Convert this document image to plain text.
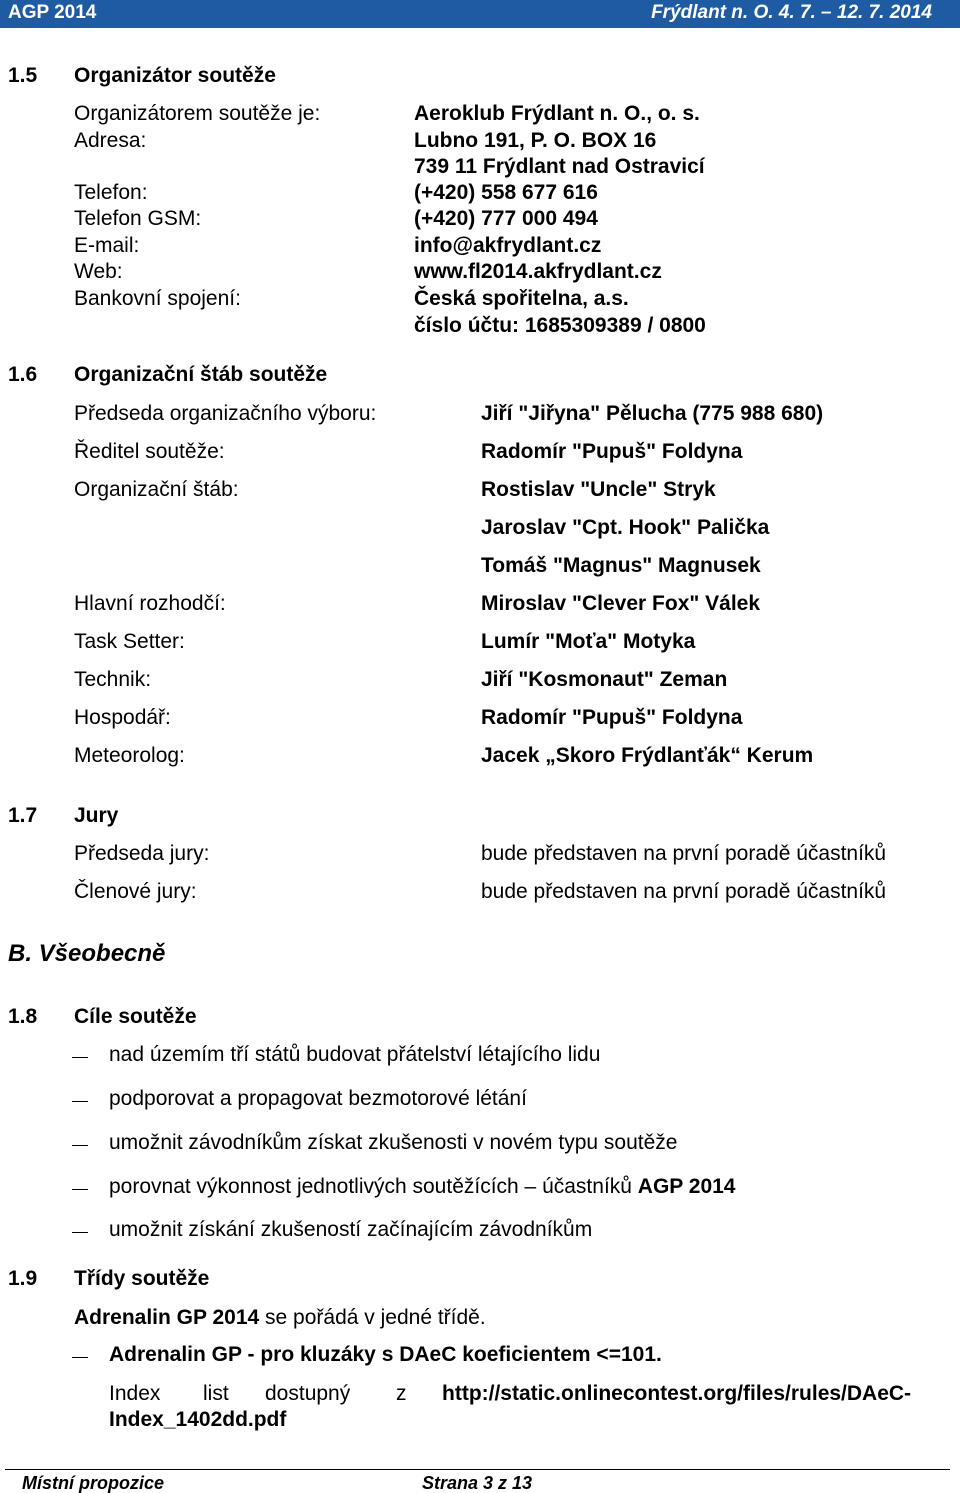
AGP 2014	Frýdlant n. O. 4. 7. – 12. 7. 2014
1.5 Organizátor soutěže
Organizátorem soutěže je:	Aeroklub Frýdlant n. O., o. s.
Adresa:	Lubno 191, P. O. BOX 16
739 11 Frýdlant nad Ostravicí
Telefon:	(+420) 558 677 616
Telefon GSM:	(+420) 777 000 494
E-mail:	info@akfrydlant.cz
Web:	www.fl2014.akfrydlant.cz
Bankovní spojení:	Česká spořitelna, a.s.
číslo účtu: 1685309389 / 0800
1.6 Organizační štáb soutěže
Předseda organizačního výboru:	Jiří "Jiřyna" Pělucha (775 988 680)
Ředitel soutěže:	Radomír "Pupuš" Foldyna
Organizační štáb:	Rostislav "Uncle" Stryk
Jaroslav "Cpt. Hook" Palička
Tomáš "Magnus" Magnusek
Hlavní rozhodčí:	Miroslav "Clever Fox" Válek
Task Setter:	Lumír "Moťa" Motyka
Technik:	Jiří "Kosmonaut" Zeman
Hospodář:	Radomír "Pupuš" Foldyna
Meteorolog:	Jacek „Skoro Frýdlanťák“ Kerum
1.7 Jury
Předseda jury:	bude představen na první poradě účastníků
Členové jury:	bude představen na první poradě účastníků
B. Všeobecně
1.8 Cíle soutěže
nad územím tří států budovat přátelství létajícího lidu
podporovat a propagovat bezmotorové létání
umožnit závodníkům získat zkušenosti v novém typu soutěže
porovnat výkonnost jednotlivých soutěžících – účastníků AGP 2014
umožnit získání zkušeností začínajícím závodníkům
1.9 Třídy soutěže
Adrenalin GP 2014 se pořádá v jedné třídě.
Adrenalin GP - pro kluzáky s DAeC koeficientem <=101.
Index list dostupný z http://static.onlinecontest.org/files/rules/DAeC-
Index_1402dd.pdf
Místní propozice	Strana 3 z 13
